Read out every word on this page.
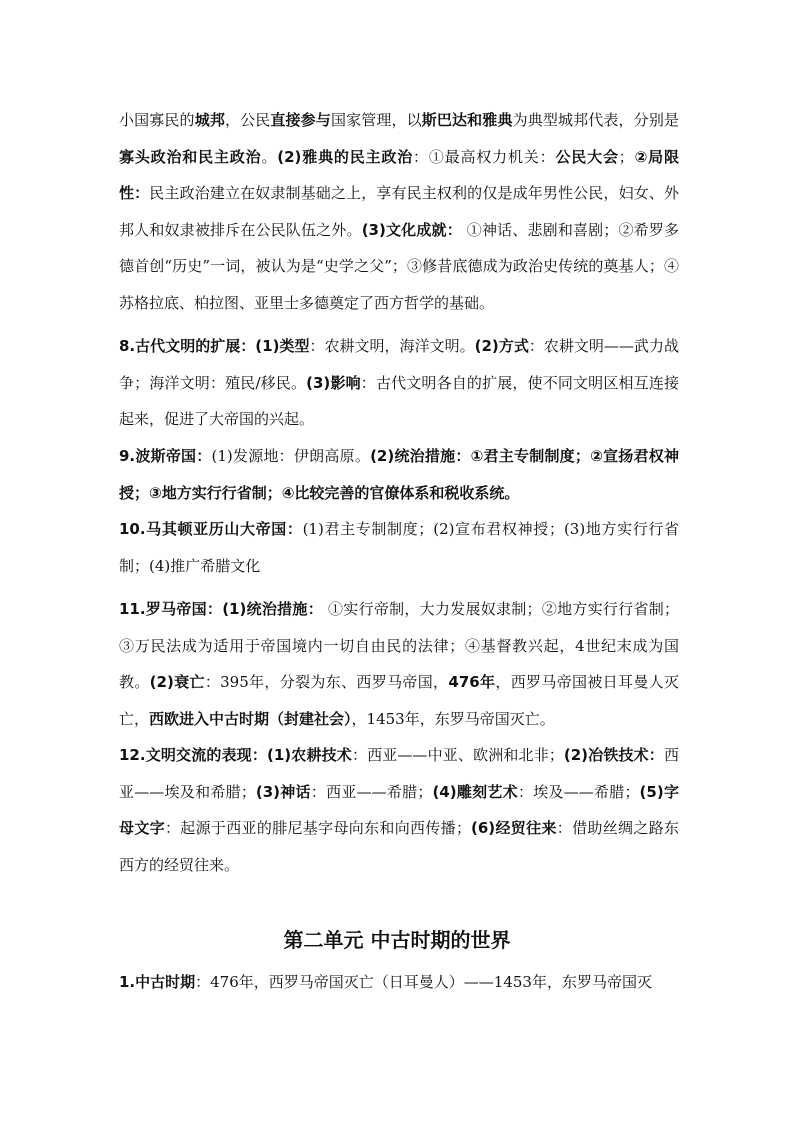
小国寡民的城邦，公民直接参与国家管理，以斯巴达和雅典为典型城邦代表，分别是寡头政治和民主政治。(2)雅典的民主政治：①最高权力机关：公民大会；②局限性：民主政治建立在奴隶制基础之上，享有民主权利的仅是成年男性公民，妇女、外邦人和奴隶被排斥在公民队伍之外。(3)文化成就： ①神话、悲剧和喜剧；②希罗多德首创“历史”一词，被认为是“史学之父”；③修昔底德成为政治史传统的奠基人；④苏格拉底、柏拉图、亚里士多德奠定了西方哲学的基础。

8.古代文明的扩展：(1)类型：农耕文明，海洋文明。(2)方式：农耕文明——武力战争；海洋文明：殖民/移民。(3)影响：古代文明各自的扩展，使不同文明区相互连接起来，促进了大帝国的兴起。

9.波斯帝国：(1)发源地：伊朗高原。(2)统治措施：①君主专制制度；②宣扬君权神授；③地方实行行省制；④比较完善的官僚体系和税收系统。

10.马其顿亚历山大帝国：(1)君主专制制度；(2)宣布君权神授；(3)地方实行行省制；(4)推广希腊文化

11.罗马帝国：(1)统治措施： ①实行帝制，大力发展奴隶制；②地方实行行省制；③万民法成为适用于帝国境内一切自由民的法律；④基督教兴起，4世纪末成为国教。(2)衰亡：395年，分裂为东、西罗马帝国，476年，西罗马帝国被日耳曼人灭亡，西欧进入中古时期（封建社会），1453年，东罗马帝国灭亡。

12.文明交流的表现：(1)农耕技术：西亚——中亚、欧洲和北非；(2)冶铁技术：西亚——埃及和希腊；(3)神话：西亚——希腊；(4)雕刻艺术：埃及——希腊；(5)字母文字：起源于西亚的腓尼基字母向东和向西传播；(6)经贸往来：借助丝绸之路东西方的经贸往来。

第二单元 中古时期的世界

1.中古时期：476年，西罗马帝国灭亡（日耳曼人）——1453年，东罗马帝国灭
